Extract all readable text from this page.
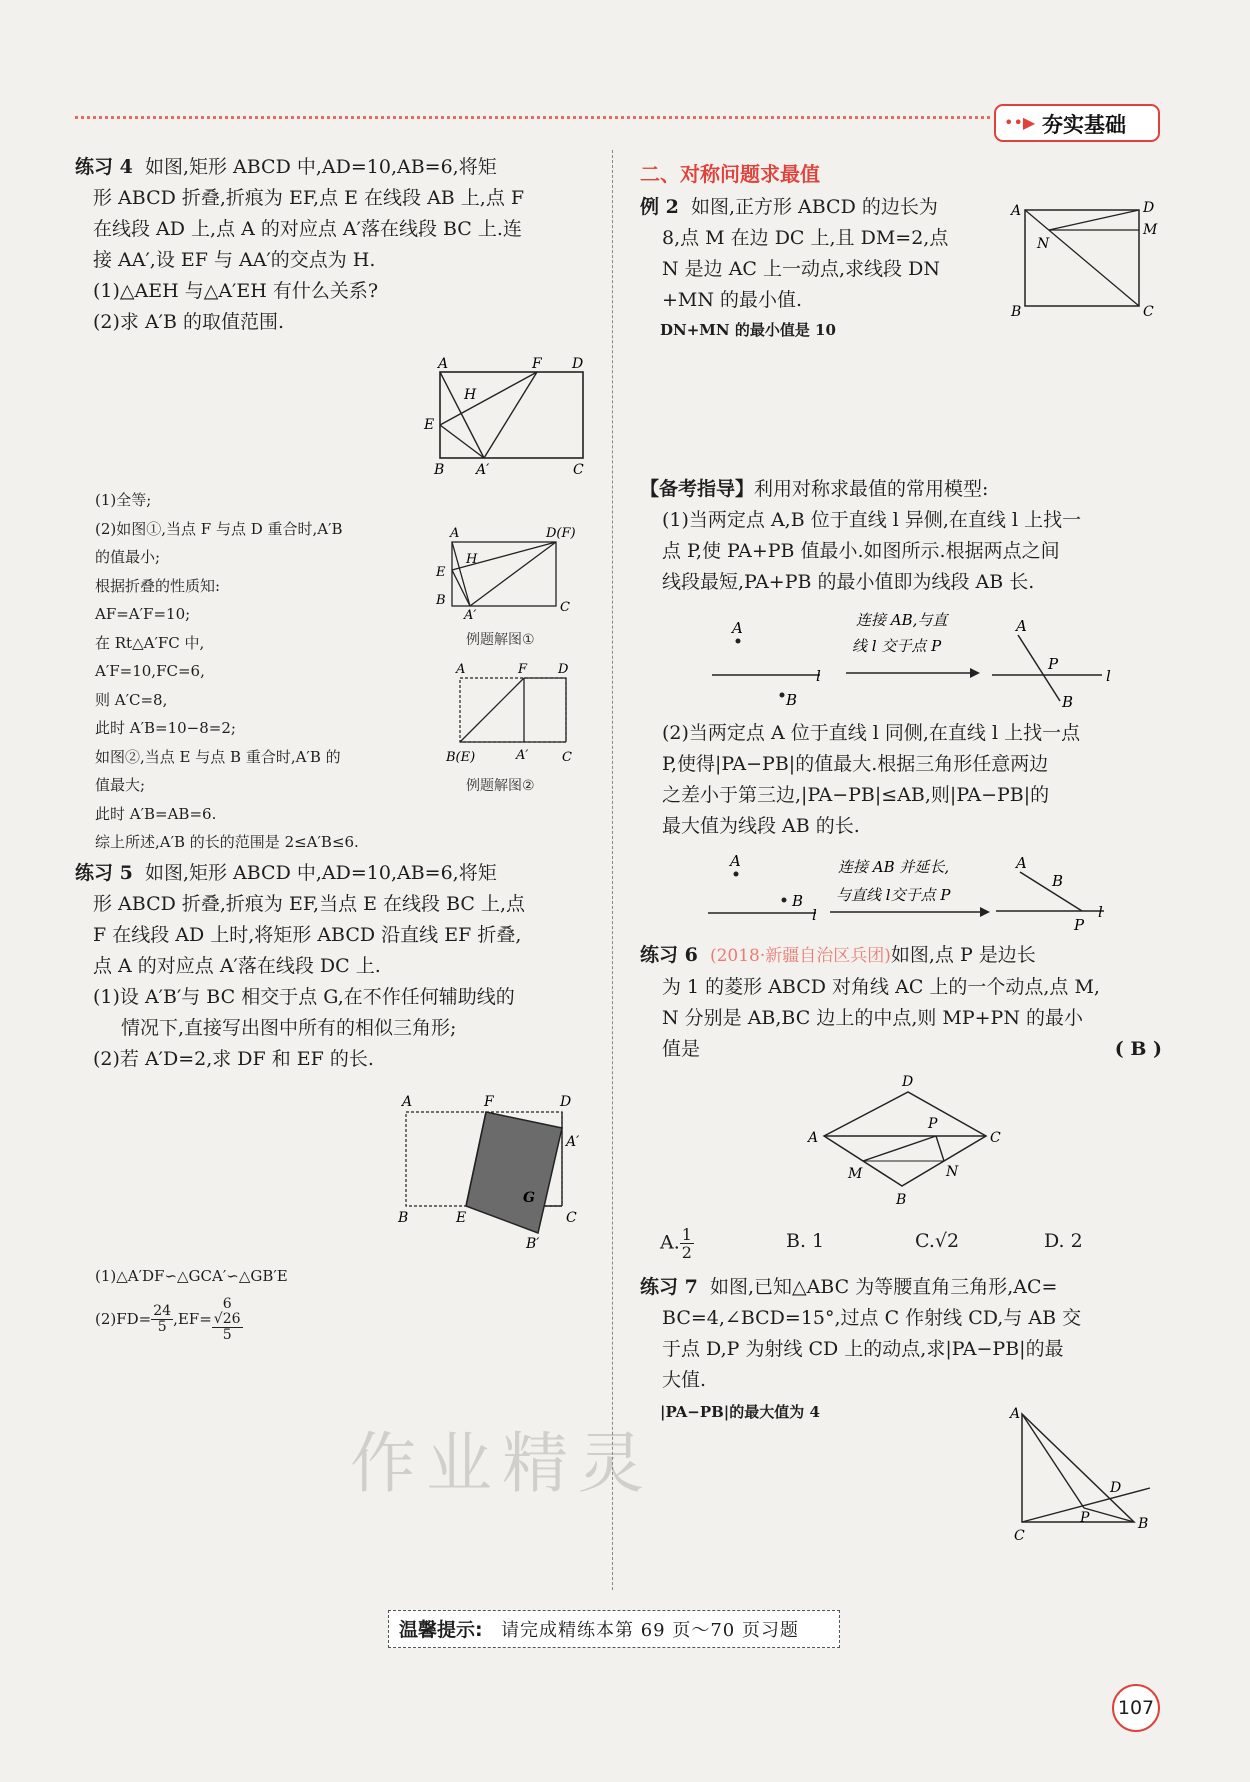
••▶ 夯实基础
练习 4 如图,矩形 ABCD 中,AD=10,AB=6,将矩
形 ABCD 折叠,折痕为 EF,点 E 在线段 AB 上,点 F
在线段 AD 上,点 A 的对应点 A′落在线段 BC 上.连
接 AA′,设 EF 与 AA′的交点为 H.
(1)△AEH 与△A′EH 有什么关系?
(2)求 A′B 的取值范围.
A	F D
H
E
B A′	C
(1)全等;
(2)如图①,当点 F 与点 D 重合时,A′B
的值最小;
根据折叠的性质知:
AF=A′F=10;
在 Rt△A′FC 中,
A′F=10,FC=6,
则 A′C=8,
此时 A′B=10−8=2;
如图②,当点 E 与点 B 重合时,A′B 的
值最大;
此时 A′B=AB=6.
综上所述,A′B 的长的范围是 2≤A′B≤6.
A	D(F)
H
E
B
A′
C
例题解图①
A	F D
B(E)	A′	C
例题解图②
练习 5 如图,矩形 ABCD 中,AD=10,AB=6,将矩
形 ABCD 折叠,折痕为 EF,当点 E 在线段 BC 上,点
F 在线段 AD 上时,将矩形 ABCD 沿直线 EF 折叠,
点 A 的对应点 A′落在线段 DC 上.
(1)设 A′B′与 BC 相交于点 G,在不作任何辅助线的
情况下,直接写出图中所有的相似三角形;
(2)若 A′D=2,求 DF 和 EF 的长.
A	F	D
A′
G
C
B	E
B′
(1)△A′DF∽△GCA′∽△GB′E
$(2)FD= \frac{24}{5} ,EF= 6$
√26
5
作业精灵
二、对称问题求最值
例 2 如图,正方形 ABCD 的边长为
8,点 M 在边 DC 上,且 DM=2,点
N 是边 AC 上一动点,求线段 DN
+MN 的最小值.
DN+MN 的最小值是 10
A	D
M
N
B	C
【备考指导】利用对称求最值的常用模型:
(1)当两定点 A,B 位于直线 l 异侧,在直线 l 上找一
点 P,使 PA+PB 值最小.如图所示.根据两点之间
线段最短,PA+PB 的最小值即为线段 AB 长.
A
B
l
连接 AB,与直
线 l 交于点 P
A
P
B
l
(2)当两定点 A 位于直线 l 同侧,在直线 l 上找一点
P,使得|PA−PB|的值最大.根据三角形任意两边
之差小于第三边,|PA−PB|≤AB,则|PA−PB|的
最大值为线段 AB 的长.
A
B
l
连接 AB 并延长,
与直线 l交于点 P
A
B
P
l
练习 6 (2018·新疆自治区兵团)如图,点 P 是边长
为 1 的菱形 ABCD 对角线 AC 上的一个动点,点 M,
N 分别是 AB,BC 边上的中点,则 MP+PN 的最小
值是	( B )
D
A
P
C
M	N
B
A. $\frac{1}{2}$	B. 1	C.√2	D. 2
练习 7 如图,已知△ABC 为等腰直角三角形,AC=
BC=4,∠BCD=15°,过点 C 作射线 CD,与 AB 交
于点 D,P 为射线 CD 上的动点,求|PA−PB|的最
大值.
|PA−PB|的最大值为 4	A
D
P
C
B
温馨提示: 请完成精练本第 69 页～70 页习题
107
